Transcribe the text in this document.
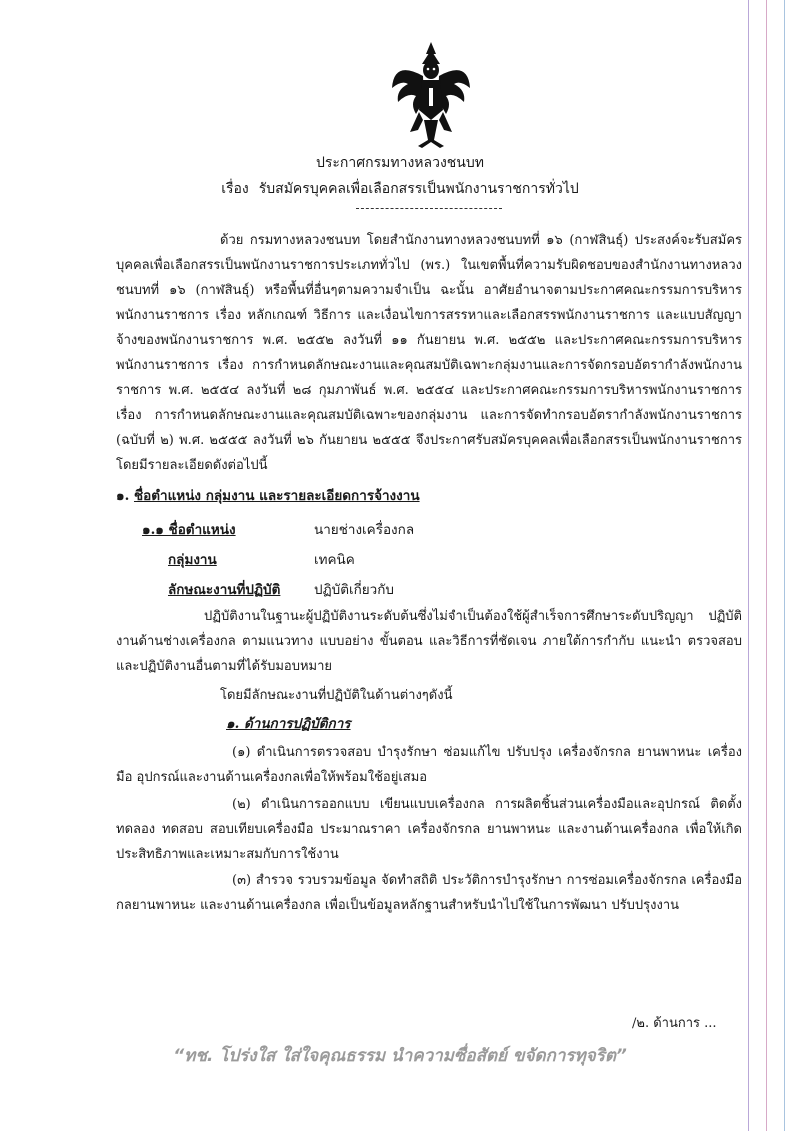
ประกาศกรมทางหลวงชนบท
เรื่อง รับสมัครบุคคลเพื่อเลือกสรรเป็นพนักงานราชการทั่วไป
ด้วย กรมทางหลวงชนบท โดยสำนักงานทางหลวงชนบทที่ ๑๖ (กาฬสินธุ์) ประสงค์จะรับสมัครบุคคลเพื่อเลือกสรรเป็นพนักงานราชการประเภททั่วไป (พร.) ในเขตพื้นที่ความรับผิดชอบของสำนักงานทางหลวงชนบทที่ ๑๖ (กาฬสินธุ์) หรือพื้นที่อื่นๆตามความจำเป็น ฉะนั้น อาศัยอำนาจตามประกาศคณะกรรมการบริหารพนักงานราชการ เรื่อง หลักเกณฑ์ วิธีการ และเงื่อนไขการสรรหาและเลือกสรรพนักงานราชการ และแบบสัญญาจ้างของพนักงานราชการ พ.ศ. ๒๕๕๒ ลงวันที่ ๑๑ กันยายน พ.ศ. ๒๕๕๒ และประกาศคณะกรรมการบริหารพนักงานราชการ เรื่อง การกำหนดลักษณะงานและคุณสมบัติเฉพาะกลุ่มงานและการจัดกรอบอัตรากำลังพนักงานราชการ พ.ศ. ๒๕๕๔ ลงวันที่ ๒๘ กุมภาพันธ์ พ.ศ. ๒๕๕๔ และประกาศคณะกรรมการบริหารพนักงานราชการ เรื่อง การกำหนดลักษณะงานและคุณสมบัติเฉพาะของกลุ่มงาน และการจัดทำกรอบอัตรากำลังพนักงานราชการ (ฉบับที่ ๒) พ.ศ. ๒๕๕๕ ลงวันที่ ๒๖ กันยายน ๒๕๕๕ จึงประกาศรับสมัครบุคคลเพื่อเลือกสรรเป็นพนักงานราชการ โดยมีรายละเอียดดังต่อไปนี้
๑. ชื่อตำแหน่ง กลุ่มงาน และรายละเอียดการจ้างงาน
๑.๑ ชื่อตำแหน่ง	นายช่างเครื่องกล
กลุ่มงาน	เทคนิค
ลักษณะงานที่ปฏิบัติ ปฏิบัติเกี่ยวกับ
ปฏิบัติงานในฐานะผู้ปฏิบัติงานระดับต้นซึ่งไม่จำเป็นต้องใช้ผู้สำเร็จการศึกษาระดับปริญญา ปฏิบัติงานด้านช่างเครื่องกล ตามแนวทาง แบบอย่าง ขั้นตอน และวิธีการที่ชัดเจน ภายใต้การกำกับ แนะนำ ตรวจสอบ และปฏิบัติงานอื่นตามที่ได้รับมอบหมาย
โดยมีลักษณะงานที่ปฏิบัติในด้านต่างๆดังนี้
๑. ด้านการปฏิบัติการ
(๑) ดำเนินการตรวจสอบ บำรุงรักษา ซ่อมแก้ไข ปรับปรุง เครื่องจักรกล ยานพาหนะ เครื่องมือ อุปกรณ์และงานด้านเครื่องกลเพื่อให้พร้อมใช้อยู่เสมอ
(๒) ดำเนินการออกแบบ เขียนแบบเครื่องกล การผลิตชิ้นส่วนเครื่องมือและอุปกรณ์ ติดตั้ง ทดลอง ทดสอบ สอบเทียบเครื่องมือ ประมาณราคา เครื่องจักรกล ยานพาหนะ และงานด้านเครื่องกล เพื่อให้เกิดประสิทธิภาพและเหมาะสมกับการใช้งาน
(๓) สำรวจ รวบรวมข้อมูล จัดทำสถิติ ประวัติการบำรุงรักษา การซ่อมเครื่องจักรกล เครื่องมือกลยานพาหนะ และงานด้านเครื่องกล เพื่อเป็นข้อมูลหลักฐานสำหรับนำไปใช้ในการพัฒนา ปรับปรุงงาน
/๒. ด้านการ ...
“ทช. โปร่งใส ใส่ใจคุณธรรม นำความซื่อสัตย์ ขจัดการทุจริต”
